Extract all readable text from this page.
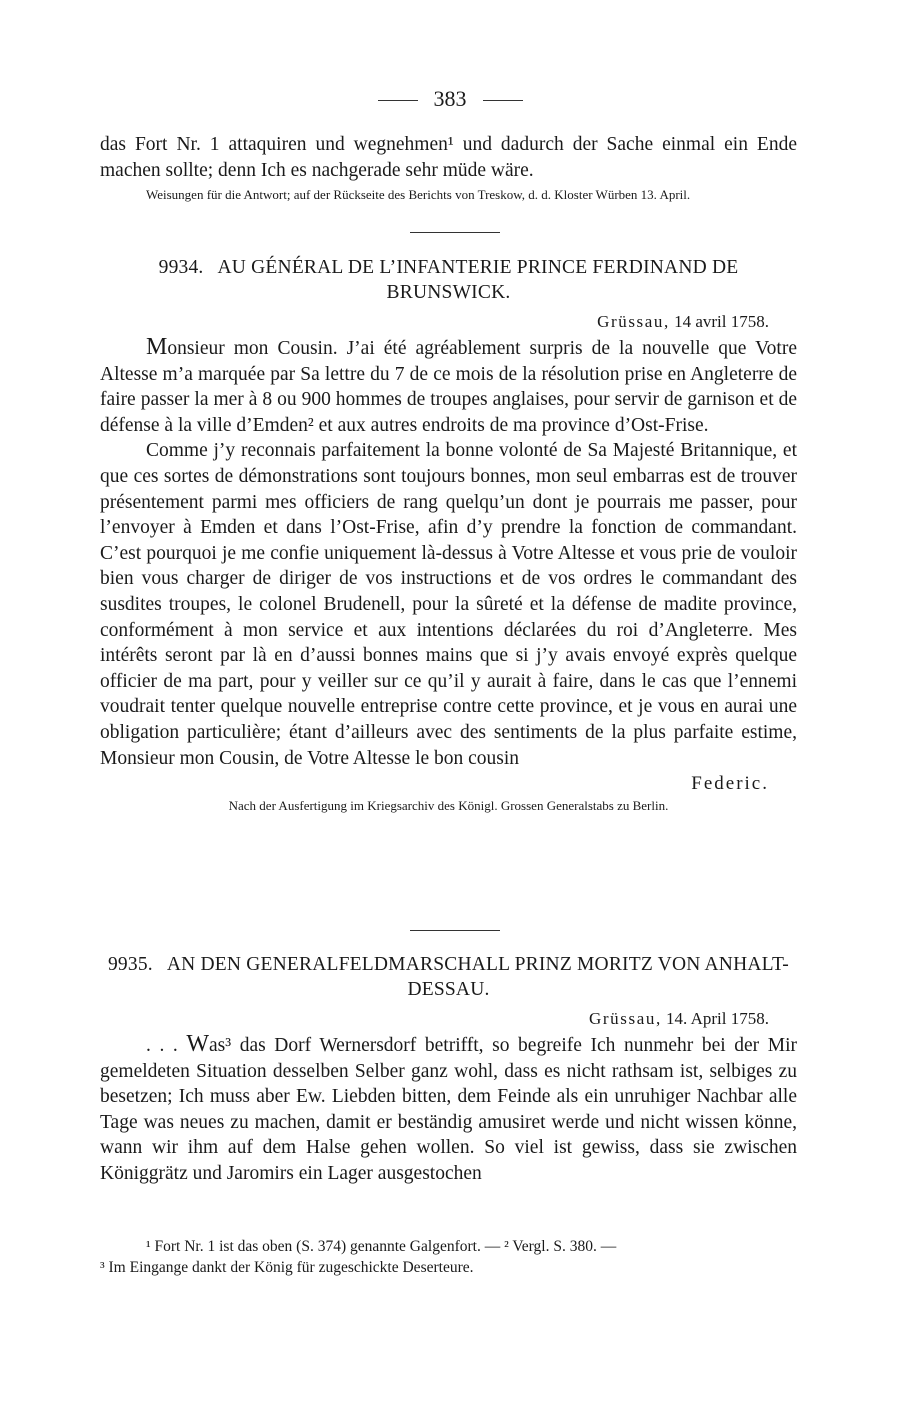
383

das Fort Nr. 1 attaquiren und wegnehmen¹ und dadurch der Sache einmal ein Ende machen sollte; denn Ich es nachgerade sehr müde wäre.

Weisungen für die Antwort; auf der Rückseite des Berichts von Treskow, d. d. Kloster Würben 13. April.

9934. AU GÉNÉRAL DE L’INFANTERIE PRINCE FERDINAND DE BRUNSWICK.
Grüssau, 14 avril 1758.

Monsieur mon Cousin. J’ai été agréablement surpris de la nouvelle que Votre Altesse m’a marquée par Sa lettre du 7 de ce mois de la résolution prise en Angleterre de faire passer la mer à 8 ou 900 hommes de troupes anglaises, pour servir de garnison et de défense à la ville d’Emden² et aux autres endroits de ma province d’Ost-Frise.

Comme j’y reconnais parfaitement la bonne volonté de Sa Majesté Britannique, et que ces sortes de démonstrations sont toujours bonnes, mon seul embarras est de trouver présentement parmi mes officiers de rang quelqu’un dont je pourrais me passer, pour l’envoyer à Emden et dans l’Ost-Frise, afin d’y prendre la fonction de commandant. C’est pourquoi je me confie uniquement là-dessus à Votre Altesse et vous prie de vouloir bien vous charger de diriger de vos instructions et de vos ordres le commandant des susdites troupes, le colonel Brudenell, pour la sûreté et la défense de madite province, conformément à mon service et aux intentions déclarées du roi d’Angleterre. Mes intérêts seront par là en d’aussi bonnes mains que si j’y avais envoyé exprès quelque officier de ma part, pour y veiller sur ce qu’il y aurait à faire, dans le cas que l’ennemi voudrait tenter quelque nouvelle entreprise contre cette province, et je vous en aurai une obligation particulière; étant d’ailleurs avec des sentiments de la plus parfaite estime, Monsieur mon Cousin, de Votre Altesse le bon cousin

Federic.

Nach der Ausfertigung im Kriegsarchiv des Königl. Grossen Generalstabs zu Berlin.

9935. AN DEN GENERALFELDMARSCHALL PRINZ MORITZ VON ANHALT-DESSAU.
Grüssau, 14. April 1758.

. . . Was³ das Dorf Wernersdorf betrifft, so begreife Ich nunmehr bei der Mir gemeldeten Situation desselben Selber ganz wohl, dass es nicht rathsam ist, selbiges zu besetzen; Ich muss aber Ew. Liebden bitten, dem Feinde als ein unruhiger Nachbar alle Tage was neues zu machen, damit er beständig amusiret werde und nicht wissen könne, wann wir ihm auf dem Halse gehen wollen. So viel ist gewiss, dass sie zwischen Königgrätz und Jaromirs ein Lager ausgestochen

¹ Fort Nr. 1 ist das oben (S. 374) genannte Galgenfort. — ² Vergl. S. 380. —

³ Im Eingange dankt der König für zugeschickte Deserteure.
